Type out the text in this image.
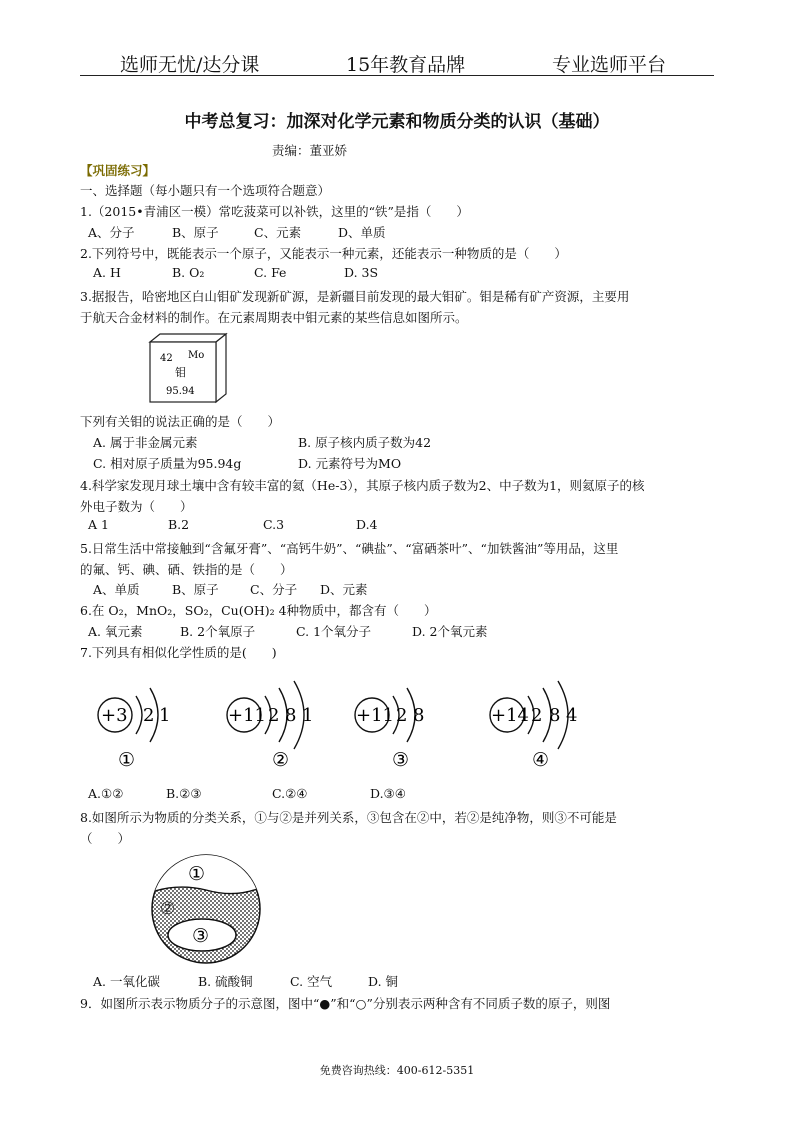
选师无忧/达分课	15年教育品牌	专业选师平台
中考总复习：加深对化学元素和物质分类的认识（基础）
责编：董亚娇
【巩固练习】
一、选择题（每小题只有一个选项符合题意）
1.（2015•青浦区一模）常吃菠菜可以补铁，这里的“铁”是指（　　）
A、分子	B、原子	C、元素	D、单质
2.下列符号中，既能表示一个原子，又能表示一种元素，还能表示一种物质的是（　　）
A. H	B. O₂	C. Fe	D. 3S
3.据报告，哈密地区白山钼矿发现新矿源，是新疆目前发现的最大钼矿。钼是稀有矿产资源，主要用
于航天合金材料的制作。在元素周期表中钼元素的某些信息如图所示。
42 Mo
钼
95.94
下列有关钼的说法正确的是（　　）
A. 属于非金属元素	B. 原子核内质子数为42
C. 相对原子质量为95.94g	D. 元素符号为MO
4.科学家发现月球土壤中含有较丰富的氦（He-3），其原子核内质子数为2、中子数为1，则氦原子的核
外电子数为（　　）
A 1	B.2	C.3	D.4
5.日常生活中常接触到“含氟牙膏”、“高钙牛奶”、“碘盐”、“富硒茶叶”、“加铁酱油”等用品，这里
的氟、钙、碘、硒、铁指的是（　　）
A、单质	B、原子	C、分子 D、元素
6.在 O₂，MnO₂，SO₂，Cu(OH)₂ 4种物质中，都含有（　　）
A. 氧元素	B. 2个氧原子	C. 1个氧分子	D. 2个氧元素
7.下列具有相似化学性质的是(　　)
+3 2 1	+11 2 8 1 +11 2 8	+14 2 8 4
①	②	③	④
A.①②	B.②③	C.②④	D.③④
8.如图所示为物质的分类关系，①与②是并列关系，③包含在②中，若②是纯净物，则③不可能是
（　　）
①
②
③
A. 一氧化碳	B. 硫酸铜	C. 空气	D. 铜
9．如图所示表示物质分子的示意图，图中“●”和“○”分别表示两种含有不同质子数的原子，则图
免费咨询热线：400-612-5351
